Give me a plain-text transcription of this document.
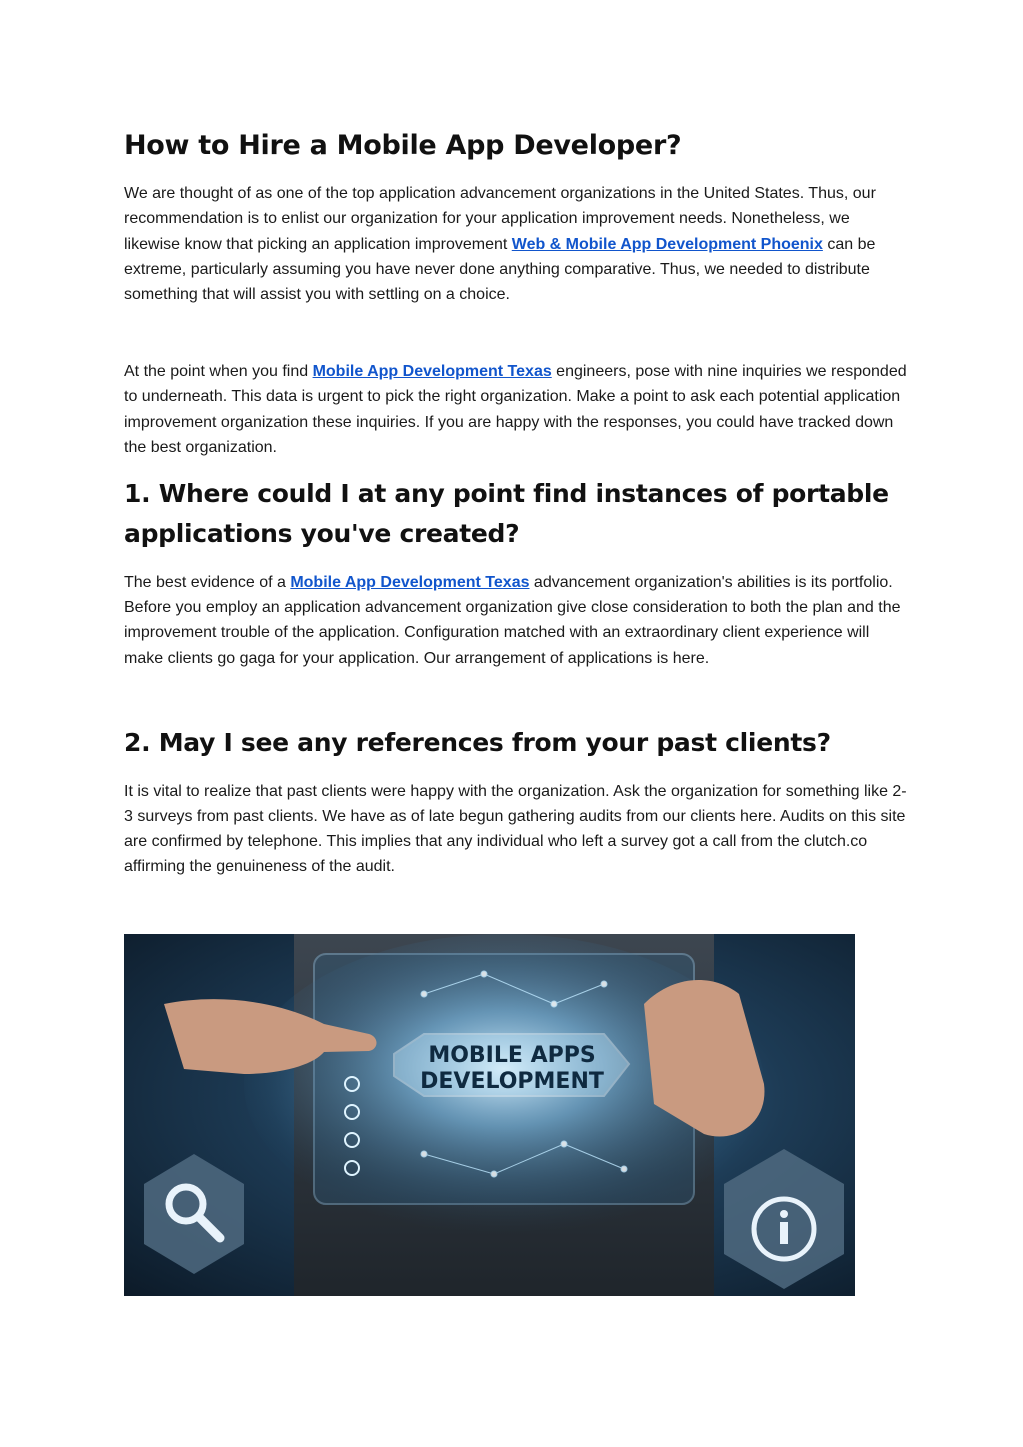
How to Hire a Mobile App Developer?

We are thought of as one of the top application advancement organizations in the United States. Thus, our recommendation is to enlist our organization for your application improvement needs. Nonetheless, we likewise know that picking an application improvement Web & Mobile App Development Phoenix can be extreme, particularly assuming you have never done anything comparative. Thus, we needed to distribute something that will assist you with settling on a choice.

At the point when you find Mobile App Development Texas engineers, pose with nine inquiries we responded to underneath. This data is urgent to pick the right organization. Make a point to ask each potential application improvement organization these inquiries. If you are happy with the responses, you could have tracked down the best organization.

1. Where could I at any point find instances of portable applications you've created?

The best evidence of a Mobile App Development Texas advancement organization's abilities is its portfolio. Before you employ an application advancement organization give close consideration to both the plan and the improvement trouble of the application. Configuration matched with an extraordinary client experience will make clients go gaga for your application. Our arrangement of applications is here.

2. May I see any references from your past clients?

It is vital to realize that past clients were happy with the organization. Ask the organization for something like 2-3 surveys from past clients. We have as of late begun gathering audits from our clients here. Audits on this site are confirmed by telephone. This implies that any individual who left a survey got a call from the clutch.co affirming the genuineness of the audit.

MOBILE APPS
DEVELOPMENT
